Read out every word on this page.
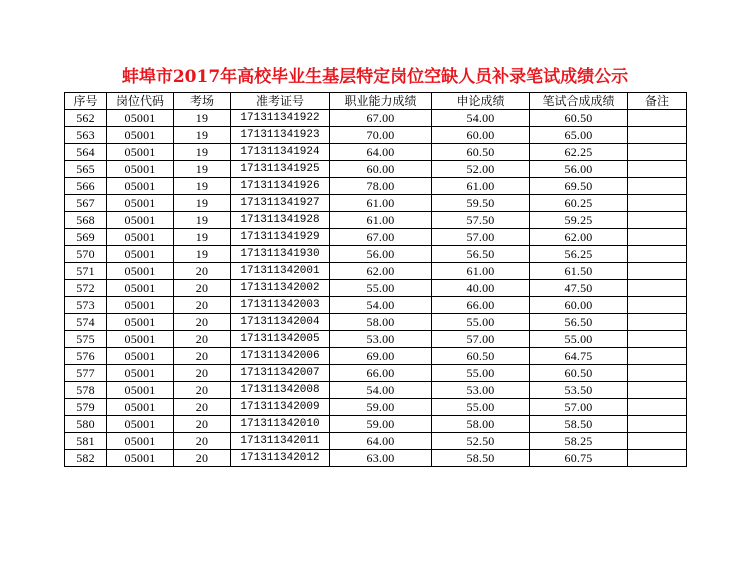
蚌埠市2017年高校毕业生基层特定岗位空缺人员补录笔试成绩公示
序号	岗位代码	考场	准考证号	职业能力成绩	申论成绩	笔试合成成绩	备注
562	05001	19	171311341922	67.00	54.00	60.50	
563	05001	19	171311341923	70.00	60.00	65.00	
564	05001	19	171311341924	64.00	60.50	62.25	
565	05001	19	171311341925	60.00	52.00	56.00	
566	05001	19	171311341926	78.00	61.00	69.50	
567	05001	19	171311341927	61.00	59.50	60.25	
568	05001	19	171311341928	61.00	57.50	59.25	
569	05001	19	171311341929	67.00	57.00	62.00	
570	05001	19	171311341930	56.00	56.50	56.25	
571	05001	20	171311342001	62.00	61.00	61.50	
572	05001	20	171311342002	55.00	40.00	47.50	
573	05001	20	171311342003	54.00	66.00	60.00	
574	05001	20	171311342004	58.00	55.00	56.50	
575	05001	20	171311342005	53.00	57.00	55.00	
576	05001	20	171311342006	69.00	60.50	64.75	
577	05001	20	171311342007	66.00	55.00	60.50	
578	05001	20	171311342008	54.00	53.00	53.50	
579	05001	20	171311342009	59.00	55.00	57.00	
580	05001	20	171311342010	59.00	58.00	58.50	
581	05001	20	171311342011	64.00	52.50	58.25	
582	05001	20	171311342012	63.00	58.50	60.75	
